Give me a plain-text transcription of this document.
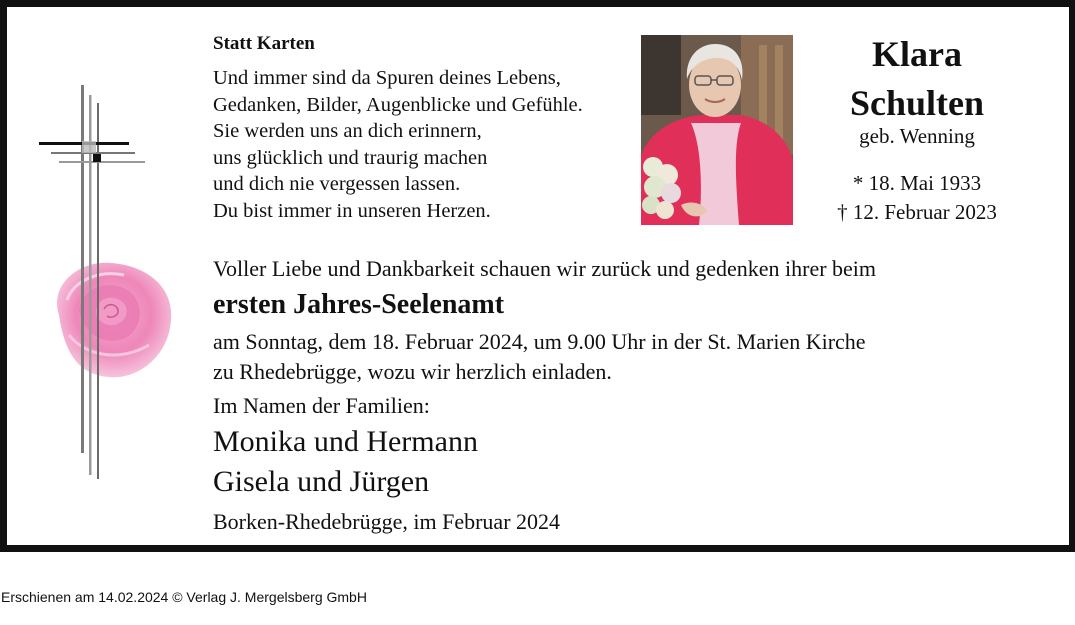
Statt Karten
Und immer sind da Spuren deines Lebens,
Gedanken, Bilder, Augenblicke und Gefühle.
Sie werden uns an dich erinnern,
uns glücklich und traurig machen
und dich nie vergessen lassen.
Du bist immer in unseren Herzen.
Klara
Schulten
geb. Wenning
* 18. Mai 1933
† 12. Februar 2023
Voller Liebe und Dankbarkeit schauen wir zurück und gedenken ihrer beim
ersten Jahres-Seelenamt
am Sonntag, dem 18. Februar 2024, um 9.00 Uhr in der St. Marien Kirche
zu Rhedebrügge, wozu wir herzlich einladen.
Im Namen der Familien:
Monika und Hermann
Gisela und Jürgen
Borken-Rhedebrügge, im Februar 2024
Erschienen am 14.02.2024 © Verlag J. Mergelsberg GmbH
